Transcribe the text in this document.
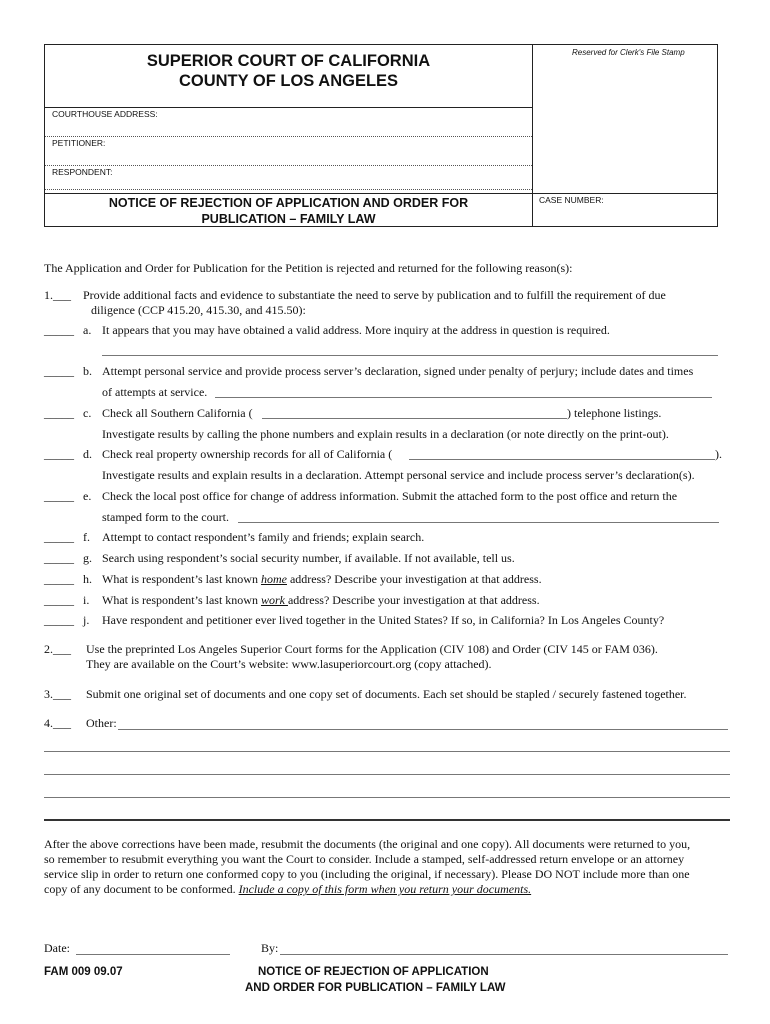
SUPERIOR COURT OF CALIFORNIA
COUNTY OF LOS ANGELES
Reserved for Clerk's File Stamp
COURTHOUSE ADDRESS:
PETITIONER:
RESPONDENT:
NOTICE OF REJECTION OF APPLICATION AND ORDER FOR
PUBLICATION – FAMILY LAW
CASE NUMBER:
The Application and Order for Publication for the Petition is rejected and returned for the following reason(s):
1.___ Provide additional facts and evidence to substantiate the need to serve by publication and to fulfill the requirement of due
diligence (CCP 415.20, 415.30, and 415.50):
_____ a. It appears that you may have obtained a valid address. More inquiry at the address in question is required.
_____ b. Attempt personal service and provide process server’s declaration, signed under penalty of perjury; include dates and times
of attempts at service.
_____ c. Check all Southern California (	) telephone listings.
Investigate results by calling the phone numbers and explain results in a declaration (or note directly on the print-out).
_____ d. Check real property ownership records for all of California (	).
Investigate results and explain results in a declaration. Attempt personal service and include process server’s declaration(s).
_____ e. Check the local post office for change of address information. Submit the attached form to the post office and return the
stamped form to the court.
_____ f. Attempt to contact respondent’s family and friends; explain search.
_____ g. Search using respondent’s social security number, if available. If not available, tell us.
_____ h. What is respondent’s last known home address? Describe your investigation at that address.
_____ i. What is respondent’s last known work address? Describe your investigation at that address.
_____ j. Have respondent and petitioner ever lived together in the United States? If so, in California? In Los Angeles County?
2.___ Use the preprinted Los Angeles Superior Court forms for the Application (CIV 108) and Order (CIV 145 or FAM 036).
They are available on the Court’s website: www.lasuperiorcourt.org (copy attached).
3.___ Submit one original set of documents and one copy set of documents. Each set should be stapled / securely fastened together.
4.___ Other:
After the above corrections have been made, resubmit the documents (the original and one copy). All documents were returned to you,
so remember to resubmit everything you want the Court to consider. Include a stamped, self-addressed return envelope or an attorney
service slip in order to return one conformed copy to you (including the original, if necessary). Please DO NOT include more than one
copy of any document to be conformed. Include a copy of this form when you return your documents.
Date:	By:
FAM 009 09.07	NOTICE OF REJECTION OF APPLICATION
AND ORDER FOR PUBLICATION – FAMILY LAW
